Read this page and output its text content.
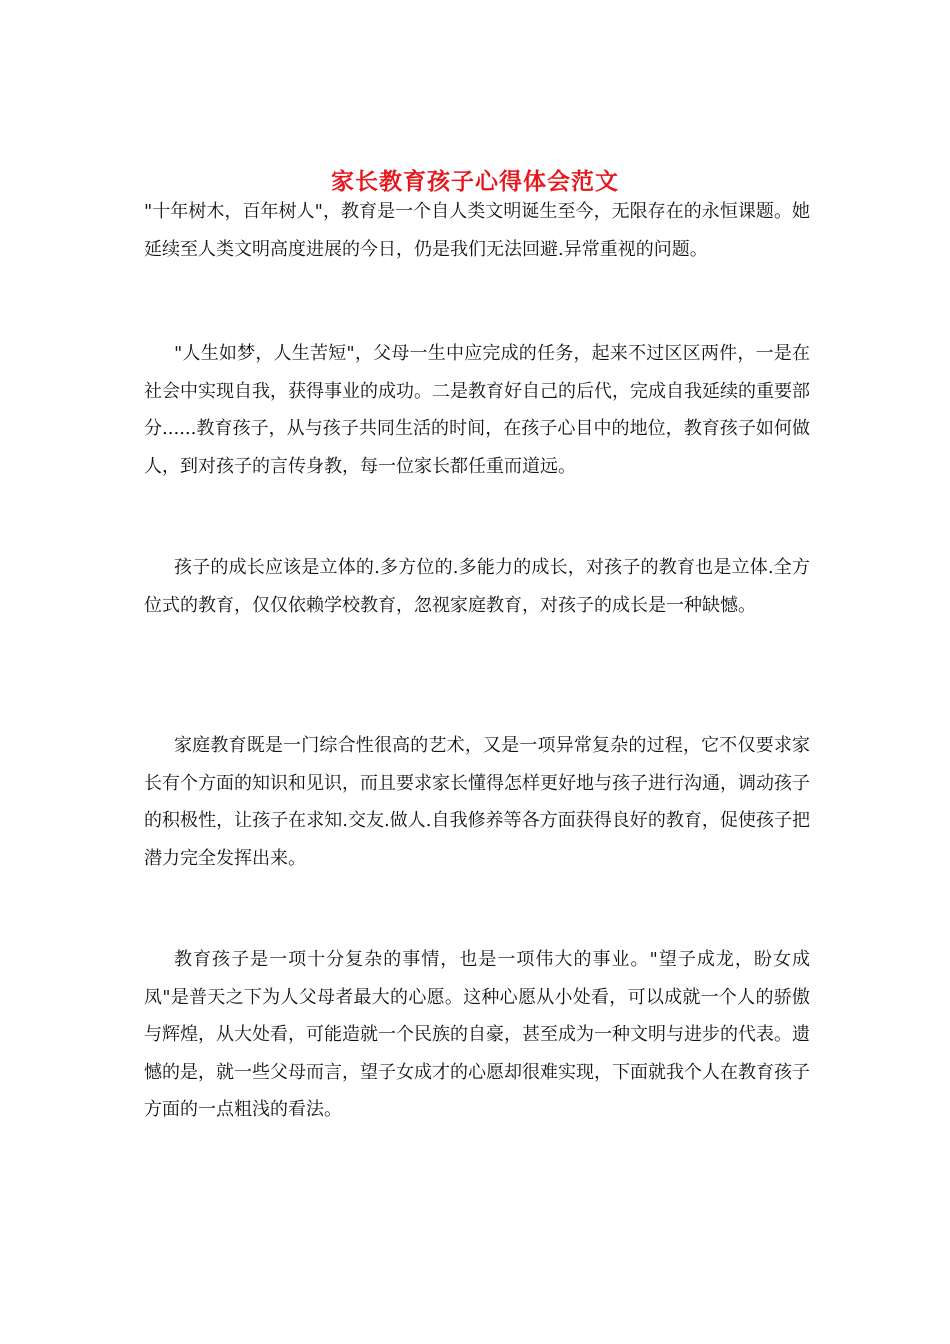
家长教育孩子心得体会范文

"十年树木，百年树人"，教育是一个自人类文明诞生至今，无限存在的永恒课题。她延续至人类文明高度进展的今日，仍是我们无法回避.异常重视的问题。

"人生如梦，人生苦短"，父母一生中应完成的任务，起来不过区区两件，一是在社会中实现自我，获得事业的成功。二是教育好自己的后代，完成自我延续的重要部分......教育孩子，从与孩子共同生活的时间，在孩子心目中的地位，教育孩子如何做人，到对孩子的言传身教，每一位家长都任重而道远。

孩子的成长应该是立体的.多方位的.多能力的成长，对孩子的教育也是立体.全方位式的教育，仅仅依赖学校教育，忽视家庭教育，对孩子的成长是一种缺憾。

家庭教育既是一门综合性很高的艺术，又是一项异常复杂的过程，它不仅要求家长有个方面的知识和见识，而且要求家长懂得怎样更好地与孩子进行沟通，调动孩子的积极性，让孩子在求知.交友.做人.自我修养等各方面获得良好的教育，促使孩子把潜力完全发挥出来。

教育孩子是一项十分复杂的事情，也是一项伟大的事业。"望子成龙，盼女成凤"是普天之下为人父母者最大的心愿。这种心愿从小处看，可以成就一个人的骄傲与辉煌，从大处看，可能造就一个民族的自豪，甚至成为一种文明与进步的代表。遗憾的是，就一些父母而言，望子女成才的心愿却很难实现，下面就我个人在教育孩子方面的一点粗浅的看法。
